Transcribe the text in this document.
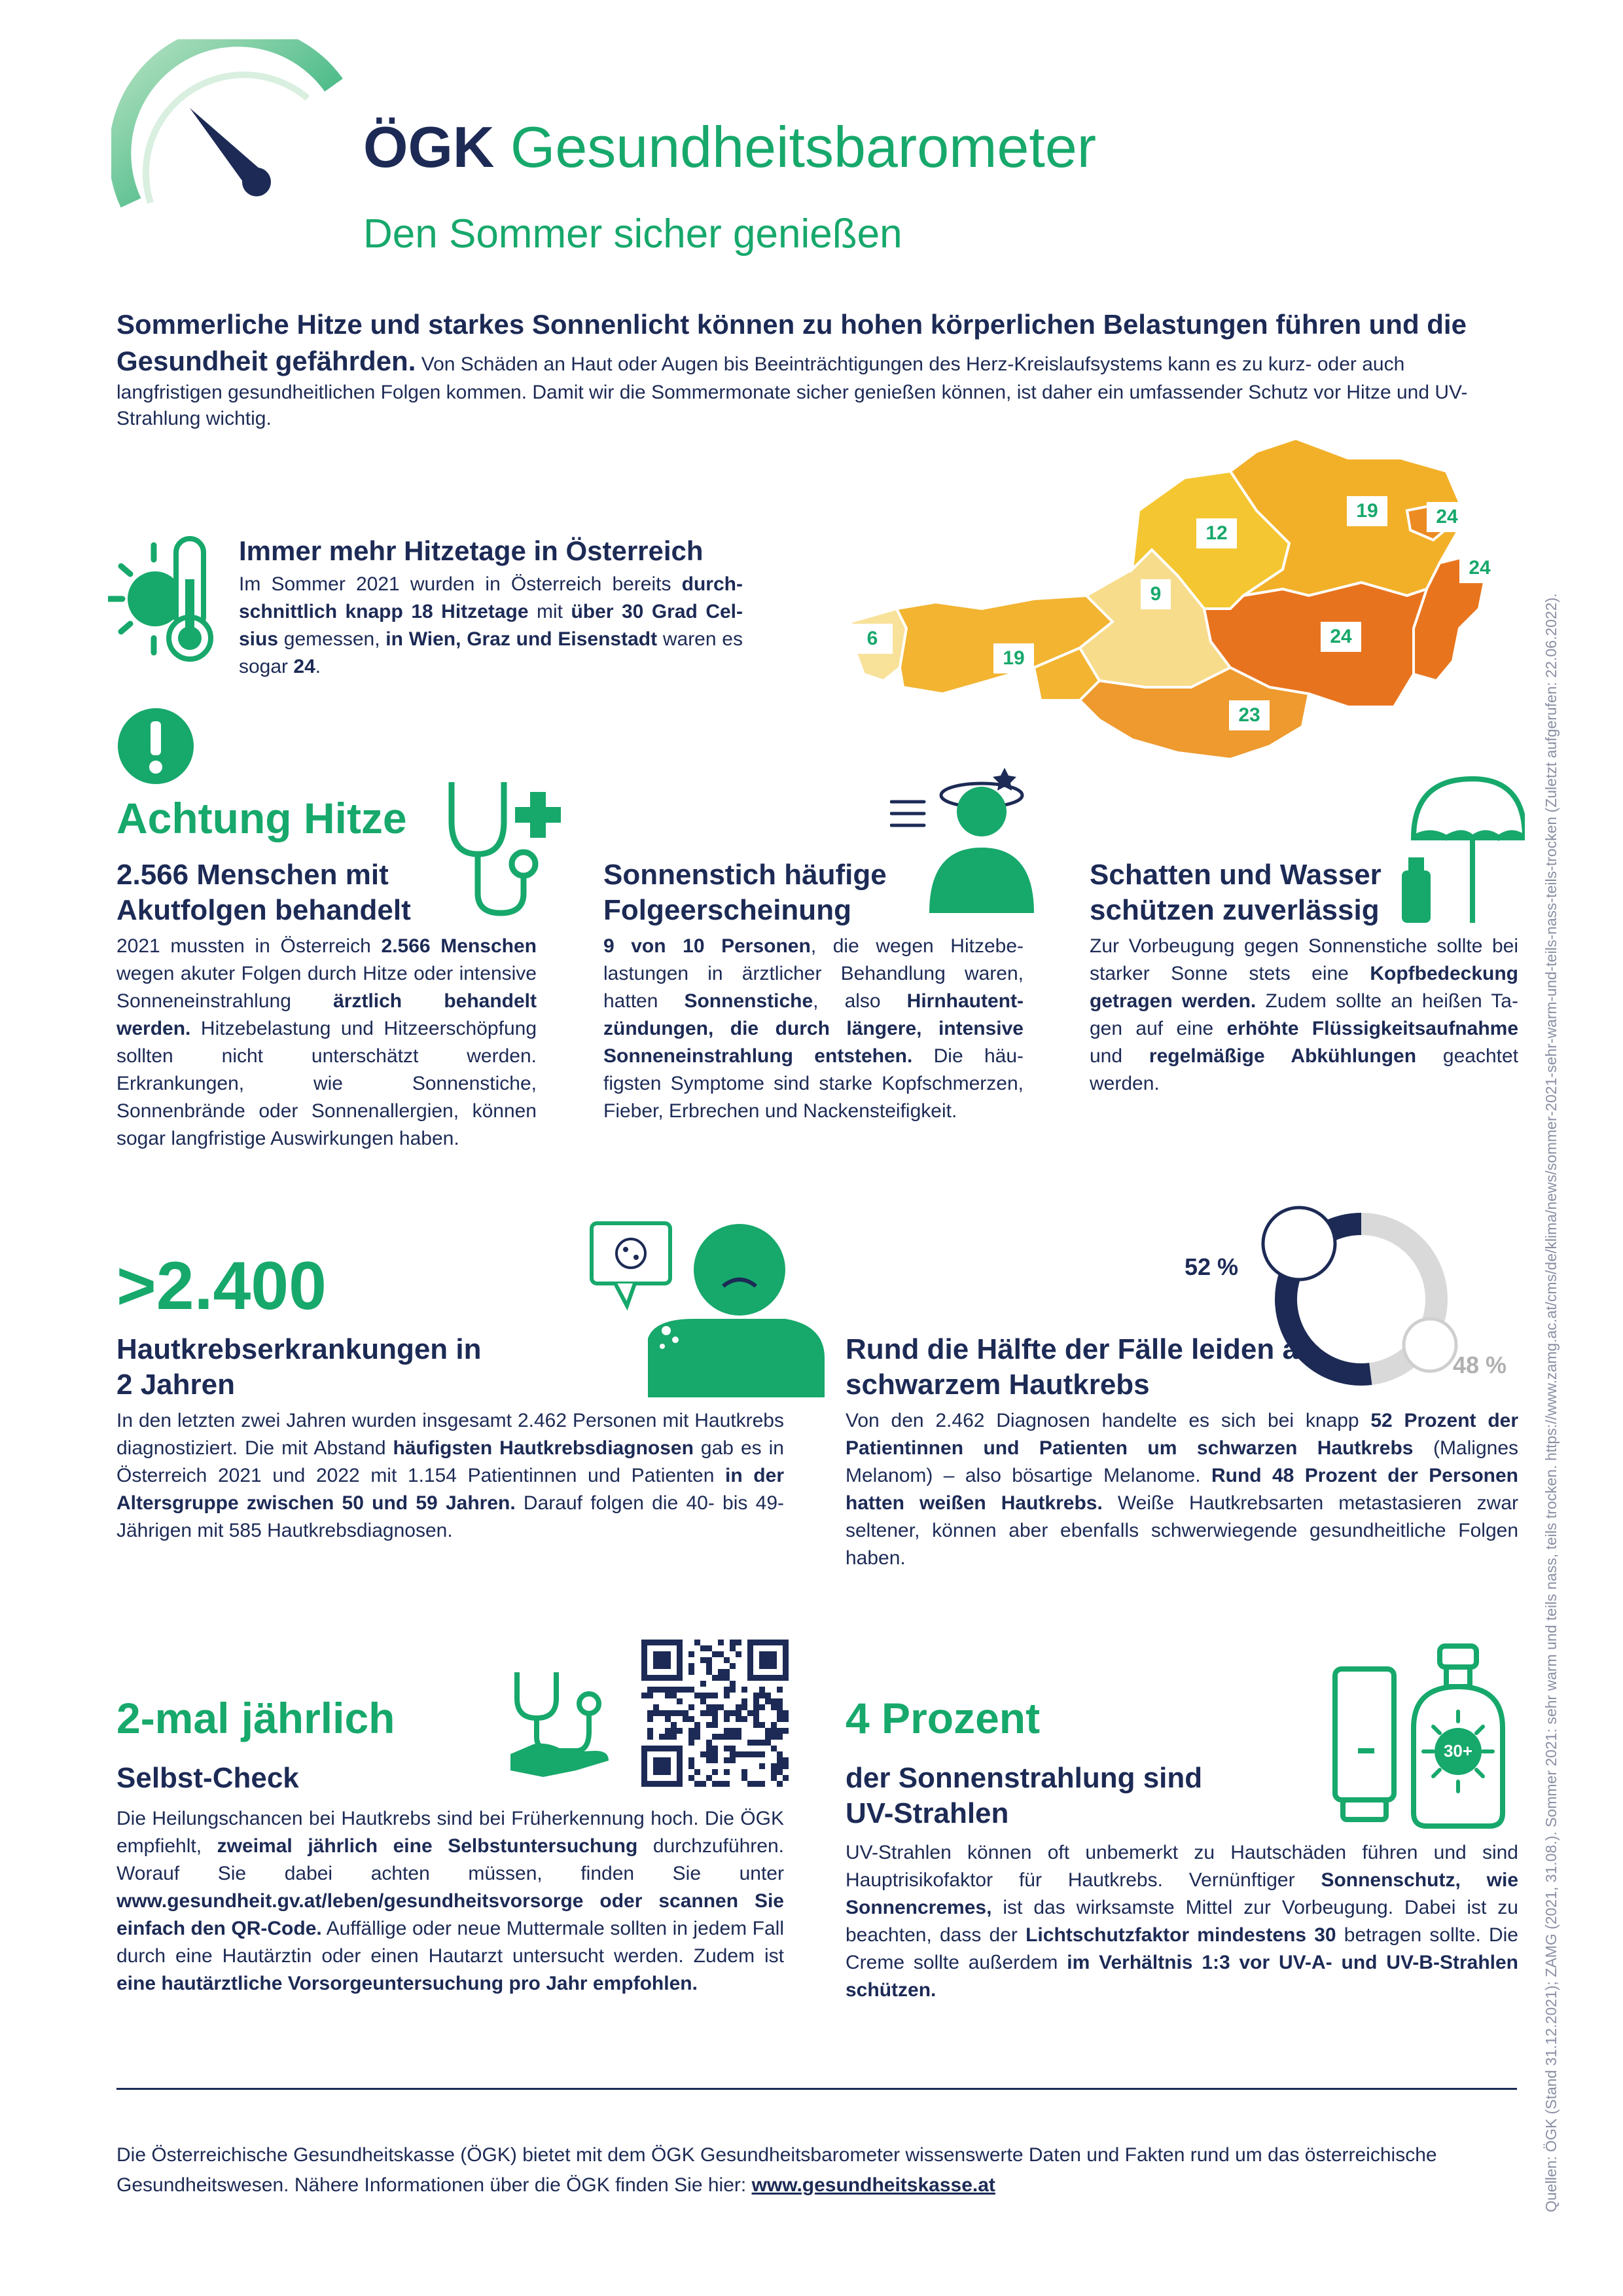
ÖGK Gesundheitsbarometer
Den Sommer sicher genießen
Sommerliche Hitze und starkes Sonnenlicht können zu hohen körperlichen Belastungen führen und die Gesundheit gefährden. Von Schäden an Haut oder Augen bis Beeinträchtigungen des Herz-Kreislaufsystems kann es zu kurz- oder auch langfristigen gesundheitlichen Folgen kommen. Damit wir die Sommermonate sicher genießen können, ist daher ein umfassender Schutz vor Hitze und UV-Strahlung wichtig.
Immer mehr Hitzetage in Österreich
Im Sommer 2021 wurden in Österreich bereits durchschnittlich knapp 18 Hitzetage mit über 30 Grad Celsius gemessen, in Wien, Graz und Eisenstadt waren es sogar 24.
6
19
9
12
19	24
24
24
23
Achtung Hitze
2.566 Menschen mit Akutfolgen behandelt
2021 mussten in Österreich 2.566 Menschen wegen akuter Folgen durch Hitze oder intensive Sonneneinstrahlung ärztlich behandelt werden. Hitzebelastung und Hitzeerschöpfung sollten nicht unterschätzt werden. Erkrankungen, wie Sonnenstiche, Sonnenbrände oder Sonnenallergien, können sogar langfristige Auswirkungen haben.
Sonnenstich häufige Folgeerscheinung
9 von 10 Personen, die wegen Hitzebelastungen in ärztlicher Behandlung waren, hatten Sonnenstiche, also Hirnhautentzündungen, die durch längere, intensive Sonneneinstrahlung entstehen. Die häufigsten Symptome sind starke Kopfschmerzen, Fieber, Erbrechen und Nackensteifigkeit.
Schatten und Wasser schützen zuverlässig
Zur Vorbeugung gegen Sonnenstiche sollte bei starker Sonne stets eine Kopfbedeckung getragen werden. Zudem sollte an heißen Tagen auf eine erhöhte Flüssigkeitsaufnahme und regelmäßige Abkühlungen geachtet werden.
>2.400
Hautkrebserkrankungen in 2 Jahren
In den letzten zwei Jahren wurden insgesamt 2.462 Personen mit Hautkrebs diagnostiziert. Die mit Abstand häufigsten Hautkrebsdiagnosen gab es in Österreich 2021 und 2022 mit 1.154 Patientinnen und Patienten in der Altersgruppe zwischen 50 und 59 Jahren. Darauf folgen die 40- bis 49-Jährigen mit 585 Hautkrebsdiagnosen.
52 %
48 %
Rund die Hälfte der Fälle leiden an schwarzem Hautkrebs
Von den 2.462 Diagnosen handelte es sich bei knapp 52 Prozent der Patientinnen und Patienten um schwarzen Hautkrebs (Malignes Melanom) – also bösartige Melanome. Rund 48 Prozent der Personen hatten weißen Hautkrebs. Weiße Hautkrebsarten metastasieren zwar seltener, können aber ebenfalls schwerwiegende gesundheitliche Folgen haben.
2-mal jährlich
Selbst-Check
Die Heilungschancen bei Hautkrebs sind bei Früherkennung hoch. Die ÖGK empfiehlt, zweimal jährlich eine Selbstuntersuchung durchzuführen. Worauf Sie dabei achten müssen, finden Sie unter www.gesundheit.gv.at/leben/gesundheitsvorsorge oder scannen Sie einfach den QR-Code. Auffällige oder neue Muttermale sollten in jedem Fall durch eine Hautärztin oder einen Hautarzt untersucht werden. Zudem ist eine hautärztliche Vorsorgeuntersuchung pro Jahr empfohlen.
4 Prozent
30+
der Sonnenstrahlung sind UV-Strahlen
UV-Strahlen können oft unbemerkt zu Hautschäden führen und sind Hauptrisikofaktor für Hautkrebs. Vernünftiger Sonnenschutz, wie Sonnencremes, ist das wirksamste Mittel zur Vorbeugung. Dabei ist zu beachten, dass der Lichtschutzfaktor mindestens 30 betragen sollte. Die Creme sollte außerdem im Verhältnis 1:3 vor UV-A- und UV-B-Strahlen schützen.
Die Österreichische Gesundheitskasse (ÖGK) bietet mit dem ÖGK Gesundheitsbarometer wissenswerte Daten und Fakten rund um das österreichische Gesundheitswesen. Nähere Informationen über die ÖGK finden Sie hier: www.gesundheitskasse.at	Quellen: ÖGK (Stand 31.12.2021); ZAMG (2021, 31.08.). Sommer 2021: sehr warm und teils nass, teils trocken. https://www.zamg.ac.at/cms/de/klima/news/sommer-2021-sehr-warm-und-teils-nass-teils-trocken (Zuletzt aufgerufen: 22.06.2022).
